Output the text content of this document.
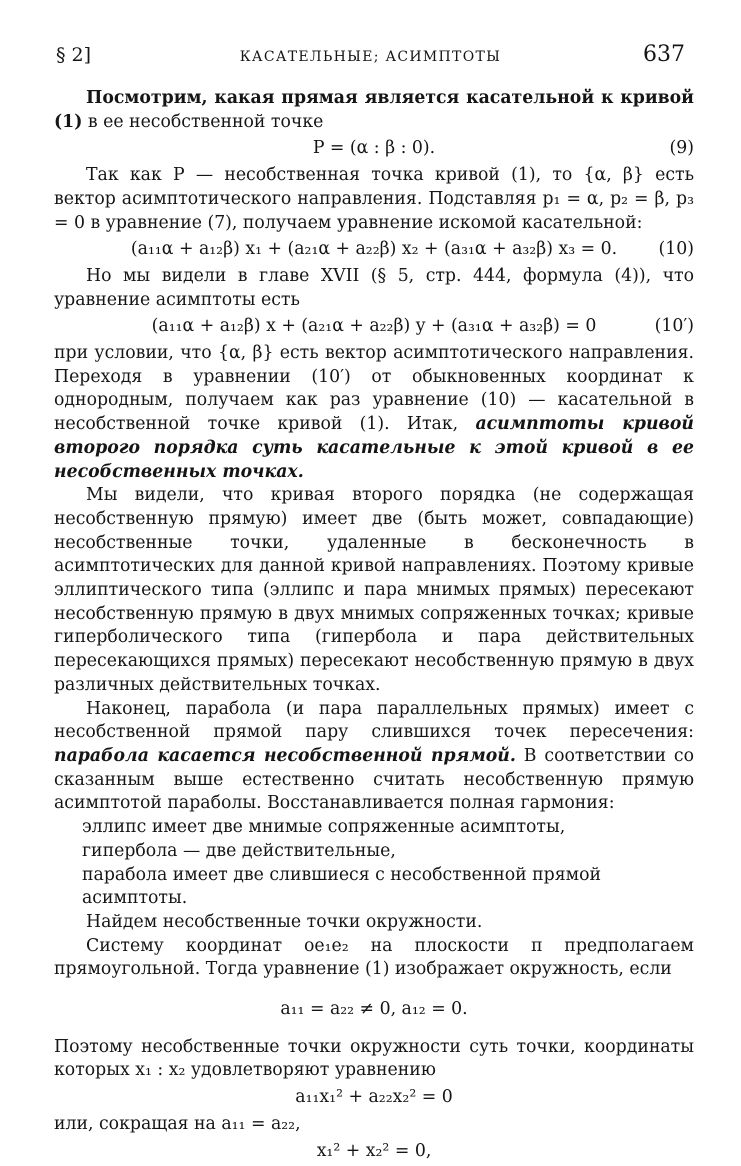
§ 2]	КАСАТЕЛЬНЫЕ; АСИМПТОТЫ	637

Посмотрим, какая прямая является касательной к кривой (1) в ее несобственной точке

P = (α : β : 0).	(9)

Так как P — несобственная точка кривой (1), то {α, β} есть вектор асимптотического направления. Подставляя p₁ = α, p₂ = β, p₃ = 0 в уравнение (7), получаем уравнение искомой касательной:

(a₁₁α + a₁₂β) x₁ + (a₂₁α + a₂₂β) x₂ + (a₃₁α + a₃₂β) x₃ = 0. (10)

Но мы видели в главе XVII (§ 5, стр. 444, формула (4)), что уравнение асимптоты есть

(a₁₁α + a₁₂β) x + (a₂₁α + a₂₂β) y + (a₃₁α + a₃₂β) = 0	(10′)

при условии, что {α, β} есть вектор асимптотического направления. Переходя в уравнении (10′) от обыкновенных координат к однородным, получаем как раз уравнение (10) — касательной в несобственной точке кривой (1). Итак, асимптоты кривой второго порядка суть касательные к этой кривой в ее несобственных точках.

Мы видели, что кривая второго порядка (не содержащая несобственную прямую) имеет две (быть может, совпадающие) несобственные точки, удаленные в бесконечность в асимптотических для данной кривой направлениях. Поэтому кривые эллиптического типа (эллипс и пара мнимых прямых) пересекают несобственную прямую в двух мнимых сопряженных точках; кривые гиперболического типа (гипербола и пара действительных пересекающихся прямых) пересекают несобственную прямую в двух различных действительных точках.

Наконец, парабола (и пара параллельных прямых) имеет с несобственной прямой пару слившихся точек пересечения: парабола касается несобственной прямой. В соответствии со сказанным выше естественно считать несобственную прямую асимптотой параболы. Восстанавливается полная гармония:

эллипс имеет две мнимые сопряженные асимптоты,
гипербола — две действительные,
парабола имеет две слившиеся с несобственной прямой асимптоты.

Найдем несобственные точки окружности.

Систему координат oe₁e₂ на плоскости π предполагаем прямоугольной. Тогда уравнение (1) изображает окружность, если

a₁₁ = a₂₂ ≠ 0, a₁₂ = 0.

Поэтому несобственные точки окружности суть точки, координаты которых x₁ : x₂ удовлетворяют уравнению

a₁₁x₁² + a₂₂x₂² = 0

или, сокращая на a₁₁ = a₂₂,

x₁² + x₂² = 0,
